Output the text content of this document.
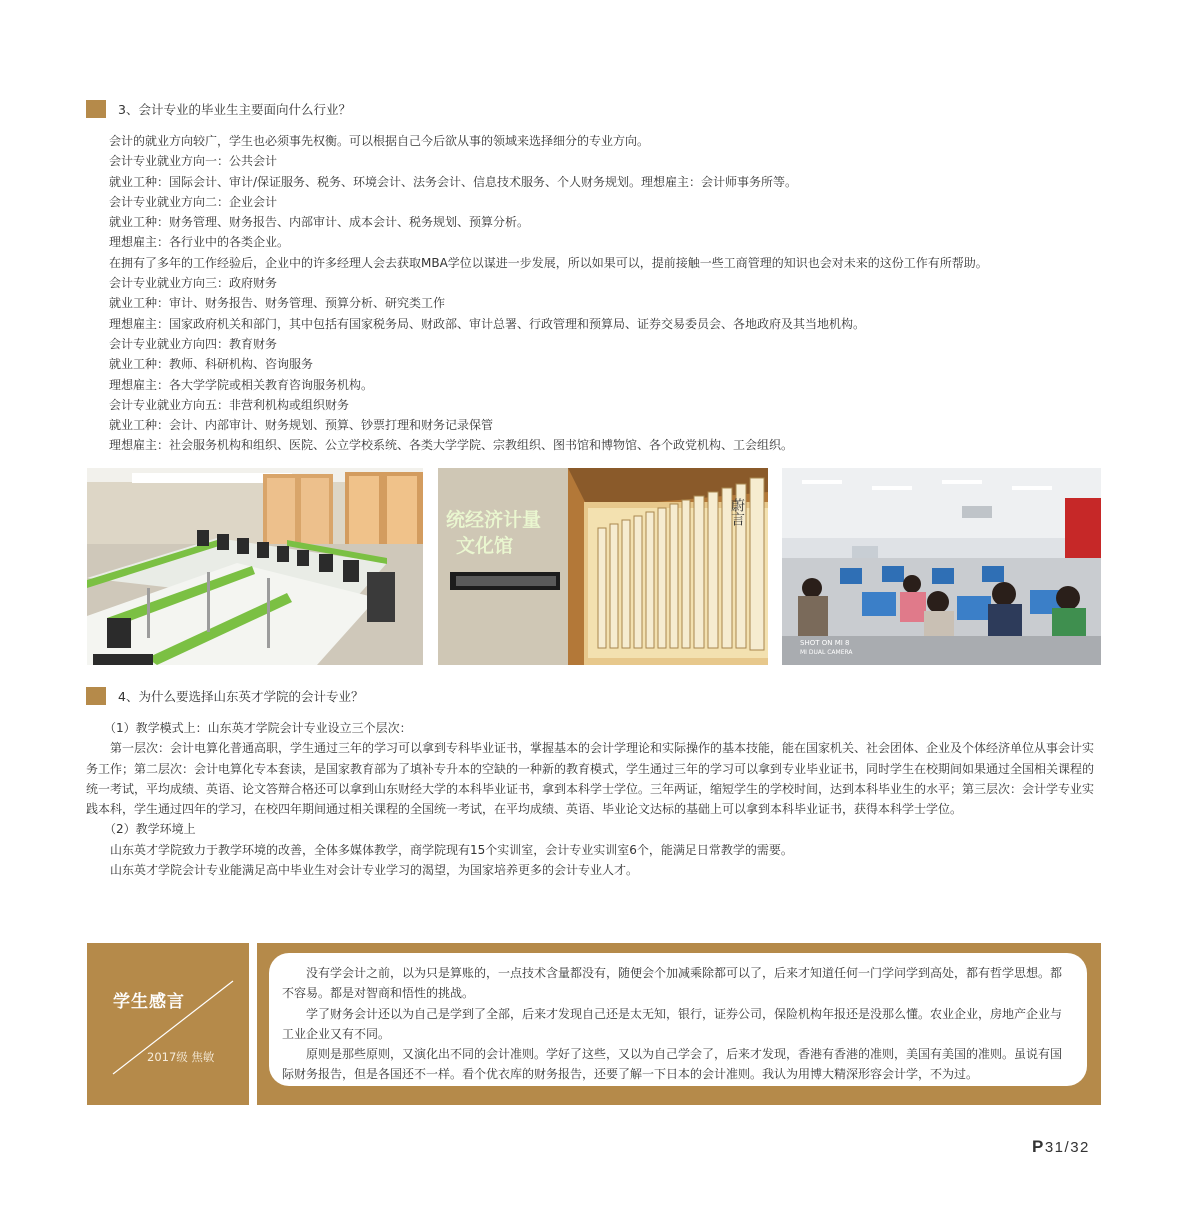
3、会计专业的毕业生主要面向什么行业？
会计的就业方向较广，学生也必须事先权衡。可以根据自己今后欲从事的领域来选择细分的专业方向。
会计专业就业方向一：公共会计
就业工种：国际会计、审计/保证服务、税务、环境会计、法务会计、信息技术服务、个人财务规划。理想雇主：会计师事务所等。
会计专业就业方向二：企业会计
就业工种：财务管理、财务报告、内部审计、成本会计、税务规划、预算分析。
理想雇主：各行业中的各类企业。
在拥有了多年的工作经验后，企业中的许多经理人会去获取MBA学位以谋进一步发展，所以如果可以，提前接触一些工商管理的知识也会对未来的这份工作有所帮助。
会计专业就业方向三：政府财务
就业工种：审计、财务报告、财务管理、预算分析、研究类工作
理想雇主：国家政府机关和部门，其中包括有国家税务局、财政部、审计总署、行政管理和预算局、证券交易委员会、各地政府及其当地机构。
会计专业就业方向四：教育财务
就业工种：教师、科研机构、咨询服务
理想雇主：各大学学院或相关教育咨询服务机构。
会计专业就业方向五：非营利机构或组织财务
就业工种：会计、内部审计、财务规划、预算、钞票打理和财务记录保管
理想雇主：社会服务机构和组织、医院、公立学校系统、各类大学学院、宗教组织、图书馆和博物馆、各个政党机构、工会组织。
统经济计量
文化馆
蔚言
SHOT ON MI 8
MI DUAL CAMERA
4、为什么要选择山东英才学院的会计专业？
　　（1）教学模式上：山东英才学院会计专业设立三个层次：
　　第一层次：会计电算化普通高职，学生通过三年的学习可以拿到专科毕业证书，掌握基本的会计学理论和实际操作的基本技能，能在国家机关、社会团体、企业及个体经济单位从事会计实
务工作；第二层次：会计电算化专本套读，是国家教育部为了填补专升本的空缺的一种新的教育模式，学生通过三年的学习可以拿到专业毕业证书，同时学生在校期间如果通过全国相关课程的
统一考试，平均成绩、英语、论文答辩合格还可以拿到山东财经大学的本科毕业证书，拿到本科学士学位。三年两证，缩短学生的学校时间，达到本科毕业生的水平；第三层次：会计学专业实
践本科，学生通过四年的学习，在校四年期间通过相关课程的全国统一考试，在平均成绩、英语、毕业论文达标的基础上可以拿到本科毕业证书，获得本科学士学位。
　　（2）教学环境上
　　山东英才学院致力于教学环境的改善，全体多媒体教学，商学院现有15个实训室，会计专业实训室6个，能满足日常教学的需要。
　　山东英才学院会计专业能满足高中毕业生对会计专业学习的渴望，为国家培养更多的会计专业人才。
学生感言
2017级 焦敏
　　没有学会计之前，以为只是算账的，一点技术含量都没有，随便会个加减乘除都可以了，后来才知道任何一门学问学到高处，都有哲学思想。都
不容易。都是对智商和悟性的挑战。
　　学了财务会计还以为自己是学到了全部，后来才发现自己还是太无知，银行，证券公司，保险机构年报还是没那么懂。农业企业，房地产企业与
工业企业又有不同。
　　原则是那些原则，又演化出不同的会计准则。学好了这些，又以为自己学会了，后来才发现，香港有香港的准则，美国有美国的准则。虽说有国
际财务报告，但是各国还不一样。看个优衣库的财务报告，还要了解一下日本的会计准则。我认为用博大精深形容会计学，不为过。
P31/32
